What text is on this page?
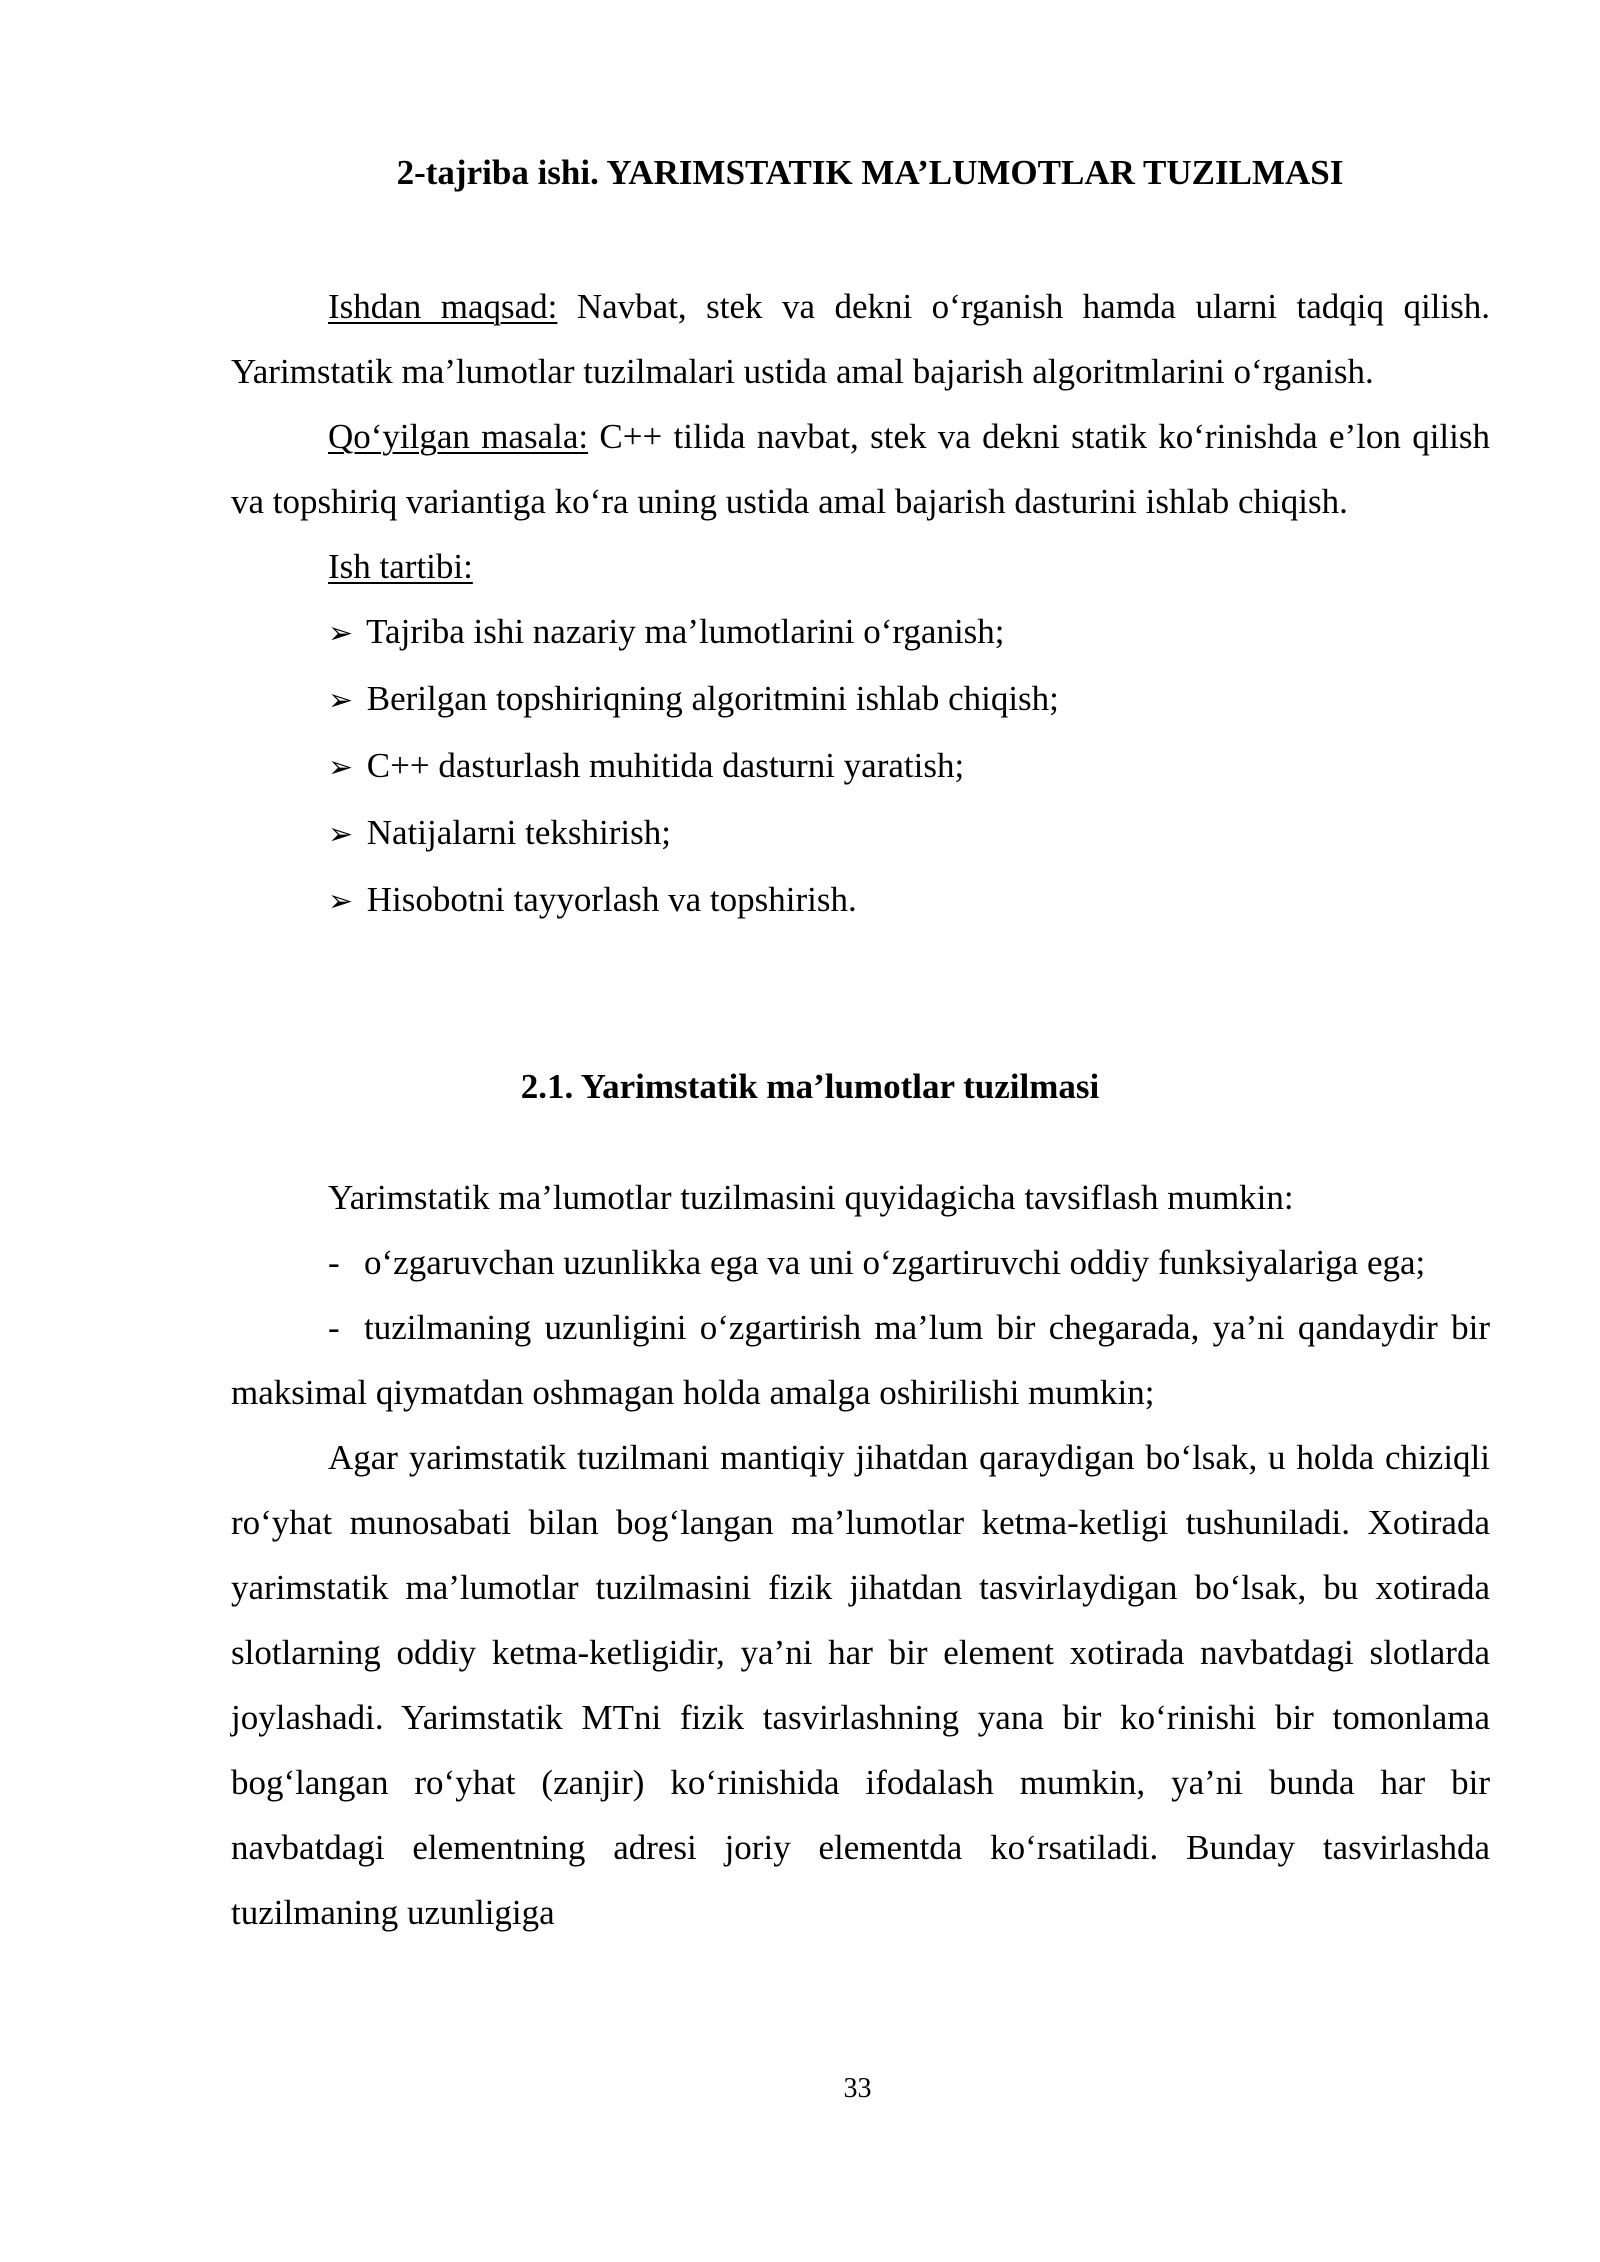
2-tajriba ishi. YARIMSTATIK MA’LUMOTLAR TUZILMASI

Ishdan maqsad: Navbat, stek va dekni o‘rganish hamda ularni tadqiq qilish. Yarimstatik ma’lumotlar tuzilmalari ustida amal bajarish algoritmlarini o‘rganish.

Qo‘yilgan masala: C++ tilida navbat, stek va dekni statik ko‘rinishda e’lon qilish va topshiriq variantiga ko‘ra uning ustida amal bajarish dasturini ishlab chiqish.

Ish tartibi:

➢ Tajriba ishi nazariy ma’lumotlarini o‘rganish;
➢ Berilgan topshiriqning algoritmini ishlab chiqish;
➢ C++ dasturlash muhitida dasturni yaratish;
➢ Natijalarni tekshirish;
➢ Hisobotni tayyorlash va topshirish.
2.1. Yarimstatik ma’lumotlar tuzilmasi

Yarimstatik ma’lumotlar tuzilmasini quyidagicha tavsiflash mumkin:

- o‘zgaruvchan uzunlikka ega va uni o‘zgartiruvchi oddiy funksiyalariga ega;

- tuzilmaning uzunligini o‘zgartirish ma’lum bir chegarada, ya’ni qandaydir bir maksimal qiymatdan oshmagan holda amalga oshirilishi mumkin;

Agar yarimstatik tuzilmani mantiqiy jihatdan qaraydigan bo‘lsak, u holda chiziqli ro‘yhat munosabati bilan bog‘langan ma’lumotlar ketma-ketligi tushuniladi. Xotirada yarimstatik ma’lumotlar tuzilmasini fizik jihatdan tasvirlaydigan bo‘lsak, bu xotirada slotlarning oddiy ketma-ketligidir, ya’ni har bir element xotirada navbatdagi slotlarda joylashadi. Yarimstatik MTni fizik tasvirlashning yana bir ko‘rinishi bir tomonlama bog‘langan ro‘yhat (zanjir) ko‘rinishida ifodalash mumkin, ya’ni bunda har bir navbatdagi elementning adresi joriy elementda ko‘rsatiladi. Bunday tasvirlashda tuzilmaning uzunligiga

33
